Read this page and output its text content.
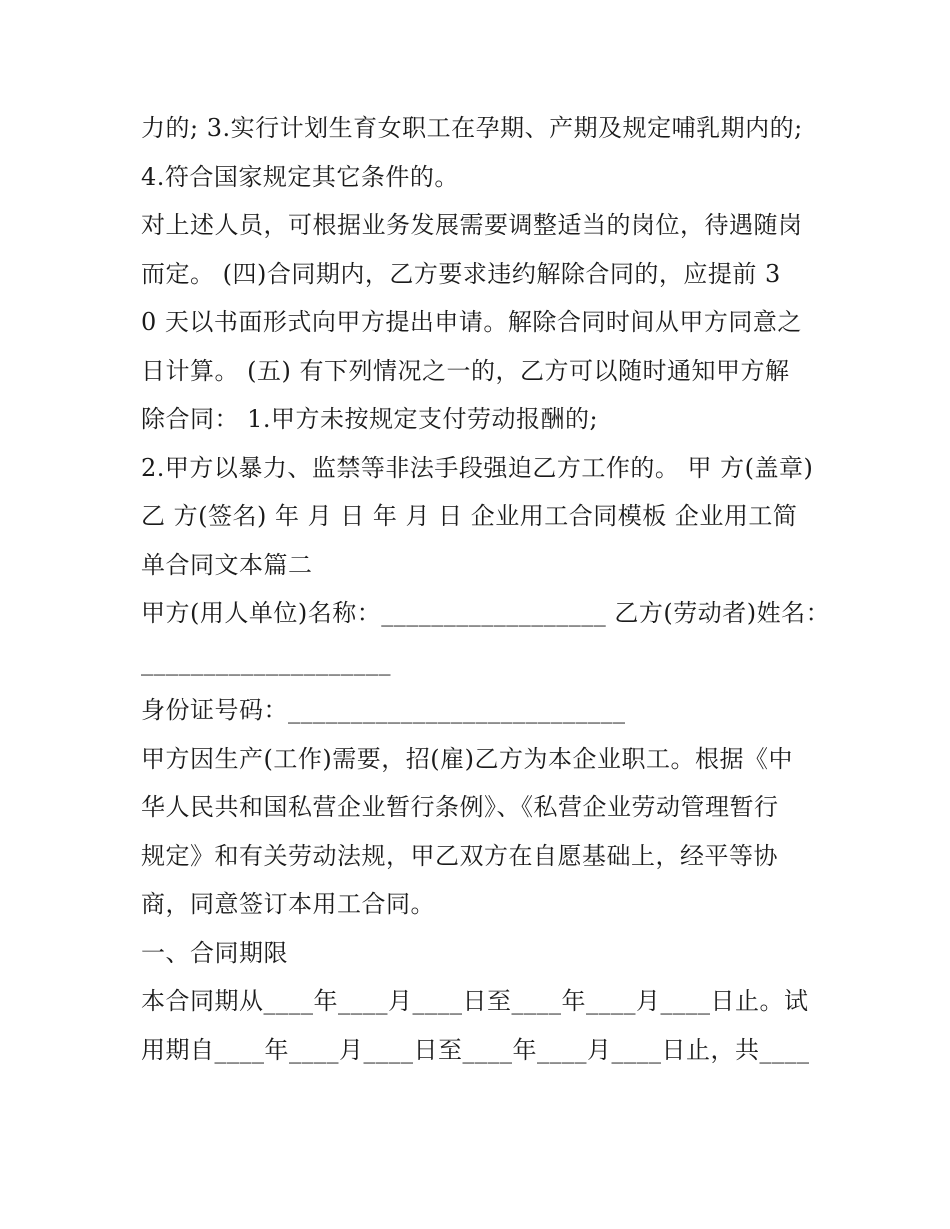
力的; 3.实行计划生育女职工在孕期、产期及规定哺乳期内的;
4.符合国家规定其它条件的。
对上述人员，可根据业务发展需要调整适当的岗位，待遇随岗
而定。 (四)合同期内，乙方要求违约解除合同的，应提前 3
0 天以书面形式向甲方提出申请。解除合同时间从甲方同意之
日计算。 (五) 有下列情况之一的，乙方可以随时通知甲方解
除合同： 1.甲方未按规定支付劳动报酬的;
2.甲方以暴力、监禁等非法手段强迫乙方工作的。 甲 方(盖章)
乙 方(签名) 年 月 日 年 月 日 企业用工合同模板 企业用工简
单合同文本篇二
甲方(用人单位)名称：__________________ 乙方(劳动者)姓名：
____________________
身份证号码：___________________________
甲方因生产(工作)需要，招(雇)乙方为本企业职工。根据《中
华人民共和国私营企业暂行条例》、《私营企业劳动管理暂行
规定》和有关劳动法规，甲乙双方在自愿基础上，经平等协
商，同意签订本用工合同。
一、合同期限
本合同期从____年____月____日至____年____月____日止。试
用期自____年____月____日至____年____月____日止，共____
